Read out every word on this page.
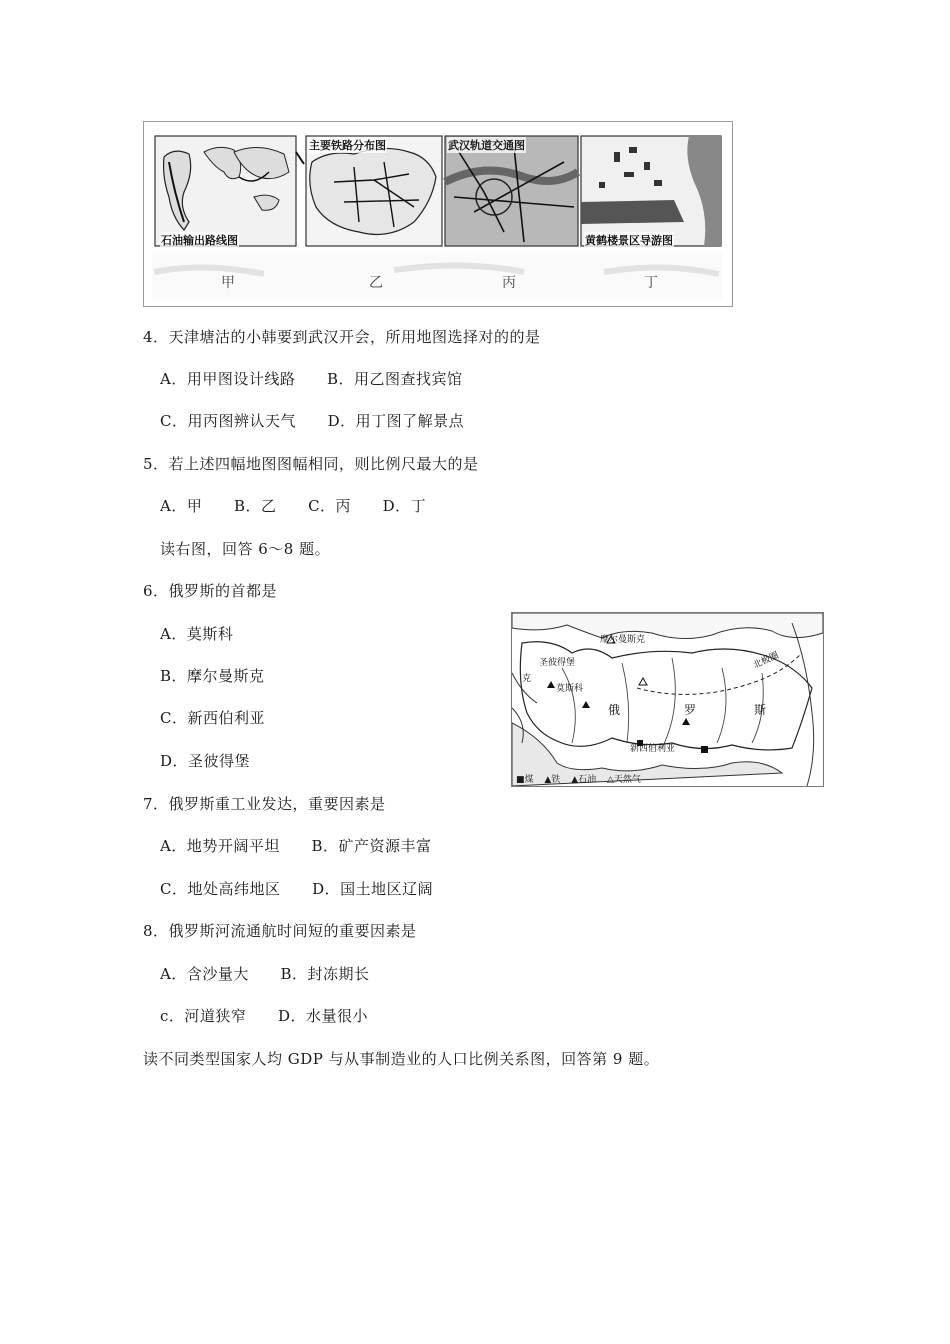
石油输出路线图
主要铁路分布图	武汉轨道交通图
黄鹤楼景区导游图
甲	乙	丙	丁
4．天津塘沽的小韩要到武汉开会，所用地图选择对的的是
A．用甲图设计线路      B．用乙图查找宾馆
C．用丙图辨认天气      D．用丁图了解景点
5．若上述四幅地图图幅相同，则比例尺最大的是
A．甲      B．乙      C．丙      D．丁
读右图，回答 6～8 题。
6．俄罗斯的首都是
A．莫斯科
B．摩尔曼斯克
C．新西伯利亚
D．圣彼得堡
摩尔曼斯克
圣彼得堡
莫斯科
新西伯利亚
北极圈
克
俄	罗	斯
■煤 ▲铁 ▲石油 △天然气
7．俄罗斯重工业发达，重要因素是
A．地势开阔平坦      B．矿产资源丰富
C．地处高纬地区      D．国土地区辽阔
8．俄罗斯河流通航时间短的重要因素是
A．含沙量大      B．封冻期长
c．河道狭窄      D．水量很小
读不同类型国家人均 GDP 与从事制造业的人口比例关系图，回答第 9 题。
